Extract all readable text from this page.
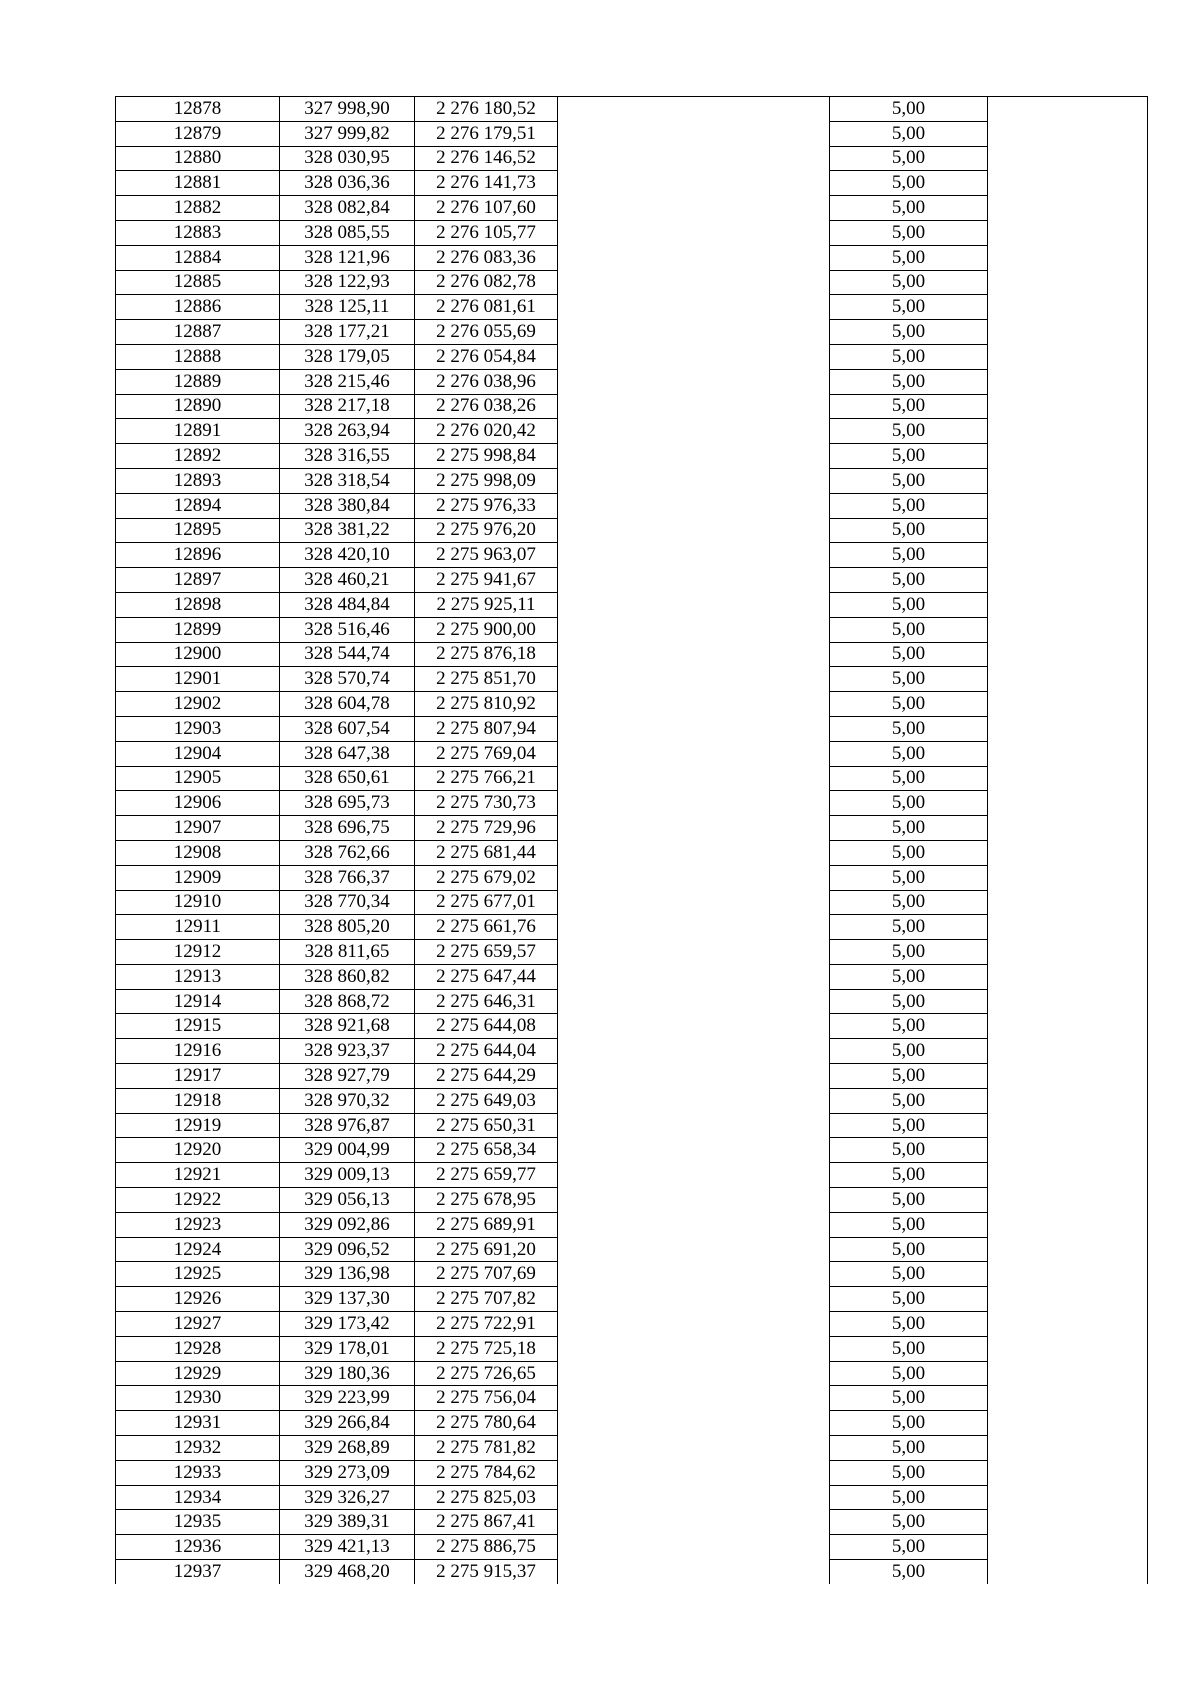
12878	327 998,90	2 276 180,52		5,00	
12879	327 999,82	2 276 179,51		5,00	
12880	328 030,95	2 276 146,52		5,00	
12881	328 036,36	2 276 141,73		5,00	
12882	328 082,84	2 276 107,60		5,00	
12883	328 085,55	2 276 105,77		5,00	
12884	328 121,96	2 276 083,36		5,00	
12885	328 122,93	2 276 082,78		5,00	
12886	328 125,11	2 276 081,61		5,00	
12887	328 177,21	2 276 055,69		5,00	
12888	328 179,05	2 276 054,84		5,00	
12889	328 215,46	2 276 038,96		5,00	
12890	328 217,18	2 276 038,26		5,00	
12891	328 263,94	2 276 020,42		5,00	
12892	328 316,55	2 275 998,84		5,00	
12893	328 318,54	2 275 998,09		5,00	
12894	328 380,84	2 275 976,33		5,00	
12895	328 381,22	2 275 976,20		5,00	
12896	328 420,10	2 275 963,07		5,00	
12897	328 460,21	2 275 941,67		5,00	
12898	328 484,84	2 275 925,11		5,00	
12899	328 516,46	2 275 900,00		5,00	
12900	328 544,74	2 275 876,18		5,00	
12901	328 570,74	2 275 851,70		5,00	
12902	328 604,78	2 275 810,92		5,00	
12903	328 607,54	2 275 807,94		5,00	
12904	328 647,38	2 275 769,04		5,00	
12905	328 650,61	2 275 766,21		5,00	
12906	328 695,73	2 275 730,73		5,00	
12907	328 696,75	2 275 729,96		5,00	
12908	328 762,66	2 275 681,44		5,00	
12909	328 766,37	2 275 679,02		5,00	
12910	328 770,34	2 275 677,01		5,00	
12911	328 805,20	2 275 661,76		5,00	
12912	328 811,65	2 275 659,57		5,00	
12913	328 860,82	2 275 647,44		5,00	
12914	328 868,72	2 275 646,31		5,00	
12915	328 921,68	2 275 644,08		5,00	
12916	328 923,37	2 275 644,04		5,00	
12917	328 927,79	2 275 644,29		5,00	
12918	328 970,32	2 275 649,03		5,00	
12919	328 976,87	2 275 650,31		5,00	
12920	329 004,99	2 275 658,34		5,00	
12921	329 009,13	2 275 659,77		5,00	
12922	329 056,13	2 275 678,95		5,00	
12923	329 092,86	2 275 689,91		5,00	
12924	329 096,52	2 275 691,20		5,00	
12925	329 136,98	2 275 707,69		5,00	
12926	329 137,30	2 275 707,82		5,00	
12927	329 173,42	2 275 722,91		5,00	
12928	329 178,01	2 275 725,18		5,00	
12929	329 180,36	2 275 726,65		5,00	
12930	329 223,99	2 275 756,04		5,00	
12931	329 266,84	2 275 780,64		5,00	
12932	329 268,89	2 275 781,82		5,00	
12933	329 273,09	2 275 784,62		5,00	
12934	329 326,27	2 275 825,03		5,00	
12935	329 389,31	2 275 867,41		5,00	
12936	329 421,13	2 275 886,75		5,00	
12937	329 468,20	2 275 915,37		5,00	
